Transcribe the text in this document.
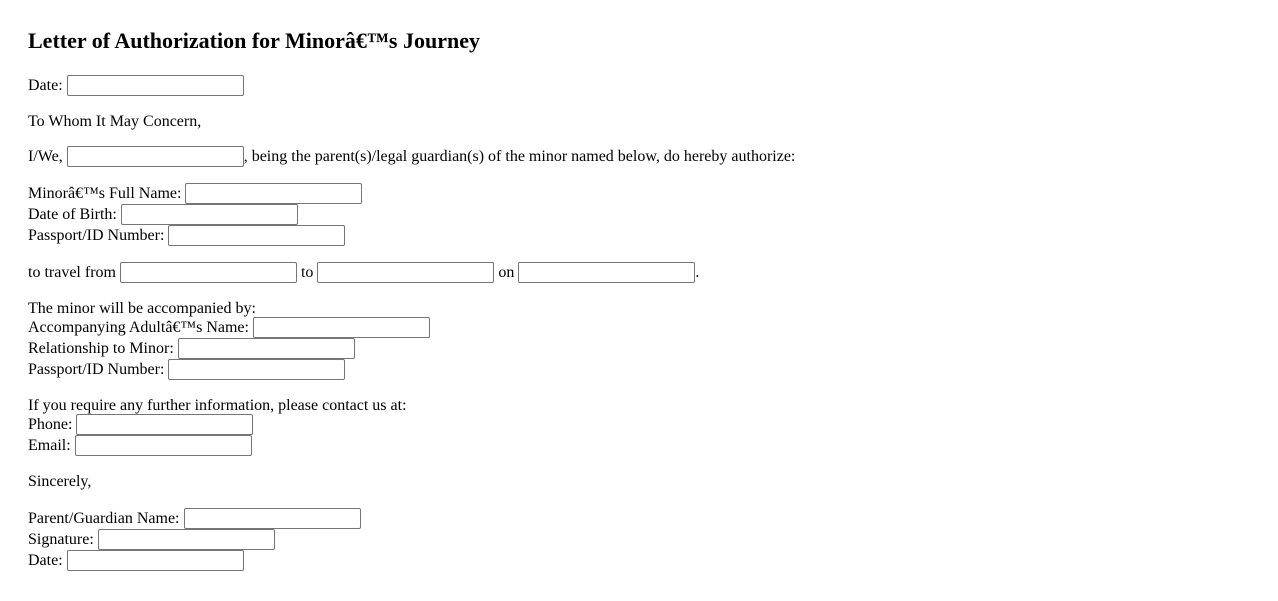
Letter of Authorization for Minorâ€™s Journey
Date:
To Whom It May Concern,
I/We,	, being the parent(s)/legal guardian(s) of the minor named below, do hereby authorize:
Minorâ€™s Full Name:
Date of Birth:
Passport/ID Number:
to travel from	to	on	.
The minor will be accompanied by:
Accompanying Adultâ€™s Name:
Relationship to Minor:
Passport/ID Number:
If you require any further information, please contact us at:
Phone:
Email:
Sincerely,
Parent/Guardian Name:
Signature:
Date:
